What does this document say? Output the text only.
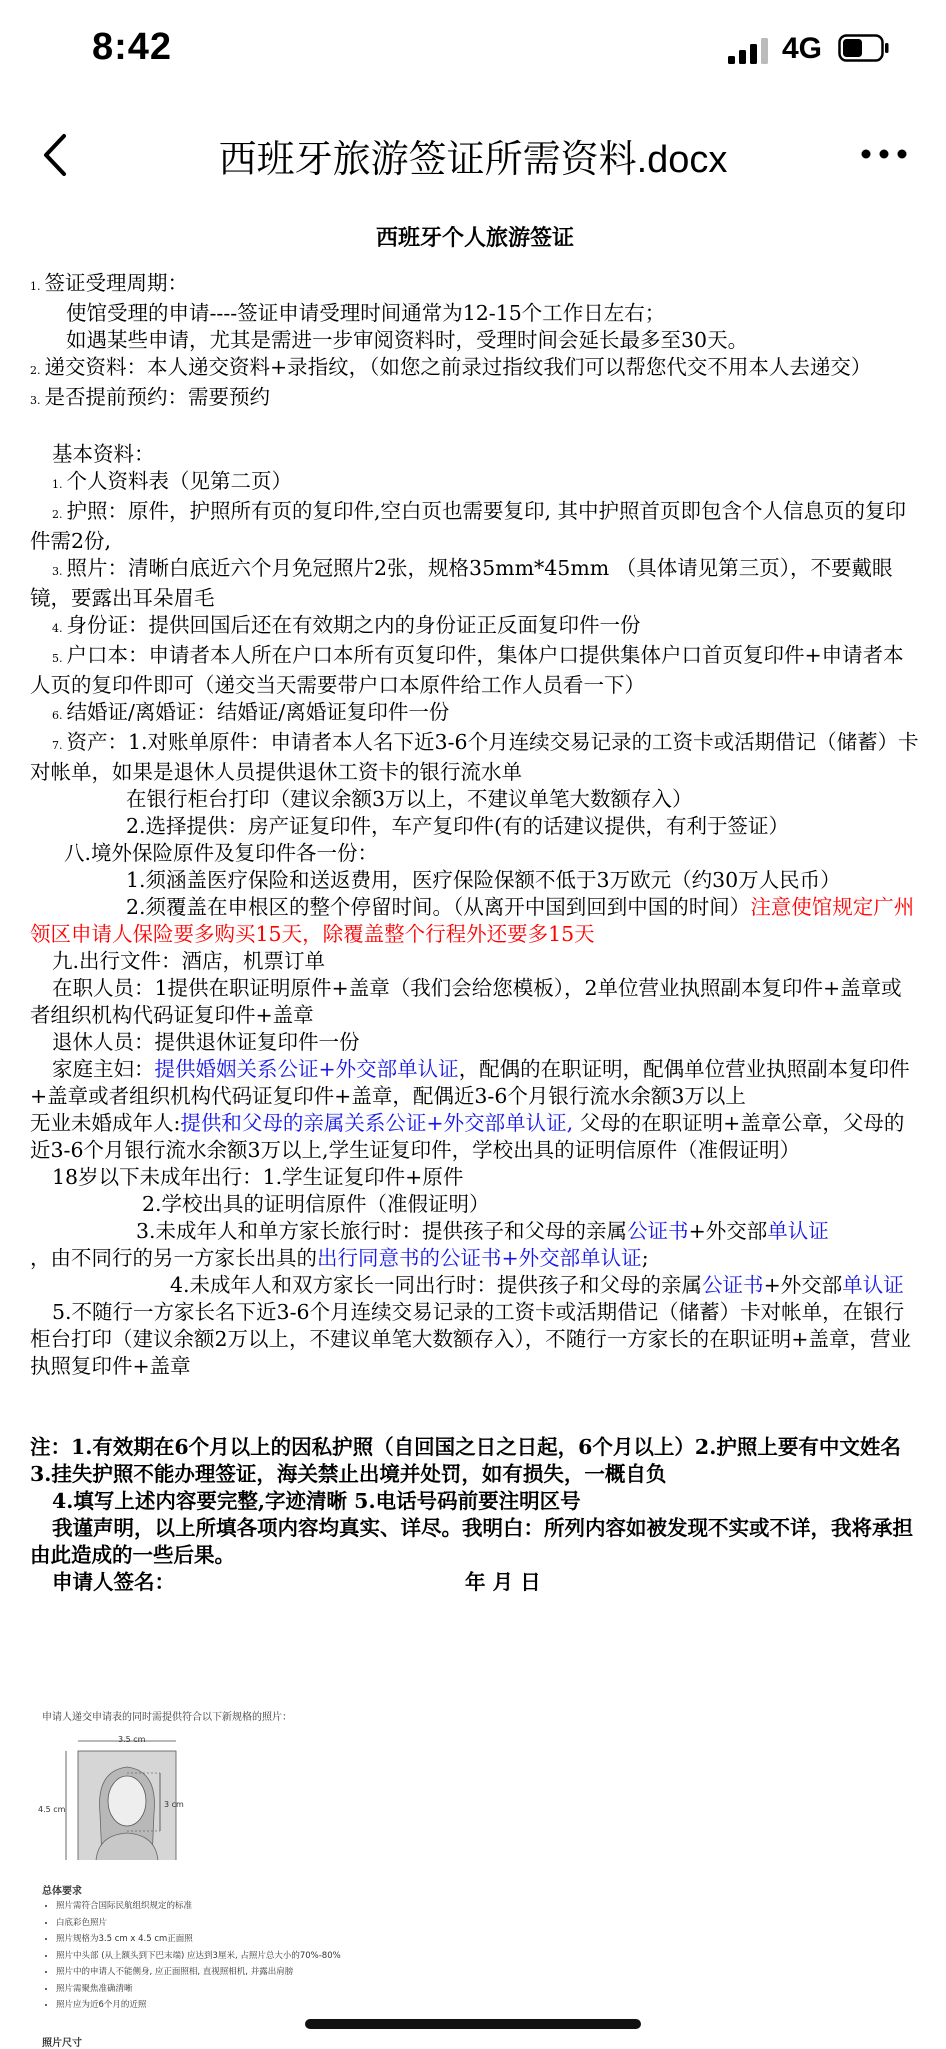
8:42	4G
西班牙旅游签证所需资料.docx
西班牙个人旅游签证
1. 签证受理周期：
使馆受理的申请----签证申请受理时间通常为12-15个工作日左右；
如遇某些申请，尤其是需进一步审阅资料时，受理时间会延长最多至30天。
2. 递交资料：本人递交资料+录指纹，（如您之前录过指纹我们可以帮您代交不用本人去递交）
3. 是否提前预约：需要预约
基本资料：
1. 个人资料表（见第二页）
2. 护照：原件，护照所有页的复印件,空白页也需要复印, 其中护照首页即包含个人信息页的复印件需2份,
3. 照片：清晰白底近六个月免冠照片2张，规格35mm*45mm （具体请见第三页），不要戴眼镜，要露出耳朵眉毛
4. 身份证：提供回国后还在有效期之内的身份证正反面复印件一份
5. 户口本：申请者本人所在户口本所有页复印件，集体户口提供集体户口首页复印件+申请者本人页的复印件即可（递交当天需要带户口本原件给工作人员看一下）
6. 结婚证/离婚证：结婚证/离婚证复印件一份
7. 资产：1.对账单原件：申请者本人名下近3-6个月连续交易记录的工资卡或活期借记（储蓄）卡对帐单，如果是退休人员提供退休工资卡的银行流水单
在银行柜台打印（建议余额3万以上，不建议单笔大数额存入）
2.选择提供：房产证复印件，车产复印件(有的话建议提供，有利于签证）
八.境外保险原件及复印件各一份：
1.须涵盖医疗保险和送返费用，医疗保险保额不低于3万欧元（约30万人民币）
2.须覆盖在申根区的整个停留时间。（从离开中国到回到中国的时间）注意使馆规定广州领区申请人保险要多购买15天，除覆盖整个行程外还要多15天
九.出行文件：酒店，机票订单
在职人员：1提供在职证明原件+盖章（我们会给您模板），2单位营业执照副本复印件+盖章或者组织机构代码证复印件+盖章
退休人员：提供退休证复印件一份
家庭主妇：提供婚姻关系公证+外交部单认证，配偶的在职证明，配偶单位营业执照副本复印件+盖章或者组织机构代码证复印件+盖章，配偶近3-6个月银行流水余额3万以上
无业未婚成年人:提供和父母的亲属关系公证+外交部单认证, 父母的在职证明+盖章公章，父母的近3-6个月银行流水余额3万以上,学生证复印件，学校出具的证明信原件（准假证明）
18岁以下未成年出行：1.学生证复印件+原件
2.学校出具的证明信原件（准假证明）
3.未成年人和单方家长旅行时：提供孩子和父母的亲属公证书+外交部单认证
，由不同行的另一方家长出具的出行同意书的公证书+外交部单认证;
4.未成年人和双方家长一同出行时：提供孩子和父母的亲属公证书+外交部单认证
5.不随行一方家长名下近3-6个月连续交易记录的工资卡或活期借记（储蓄）卡对帐单，在银行柜台打印（建议余额2万以上，不建议单笔大数额存入），不随行一方家长的在职证明+盖章，营业执照复印件+盖章
注：1.有效期在6个月以上的因私护照（自回国之日之日起，6个月以上）2.护照上要有中文姓名3.挂失护照不能办理签证，海关禁止出境并处罚，如有损失，一概自负
4.填写上述内容要完整,字迹清晰 5.电话号码前要注明区号
我谨声明，以上所填各项内容均真实、详尽。我明白：所列内容如被发现不实或不详，我将承担由此造成的一些后果。
申请人签名：	年 月 日
申请人递交申请表的同时需提供符合以下新规格的照片：
3.5 cm
4.5 cm
3 cm
总体要求
• 照片需符合国际民航组织规定的标准
• 白底彩色照片
• 照片规格为3.5 cm x 4.5 cm正面照
• 照片中头部 (从上额头到下巴末端) 应达到3厘米, 占照片总大小的70%-80%
• 照片中的申请人不能侧身, 应正面照相, 直视照相机, 并露出肩膀
• 照片需聚焦准确清晰
• 照片应为近6个月的近照
照片尺寸
